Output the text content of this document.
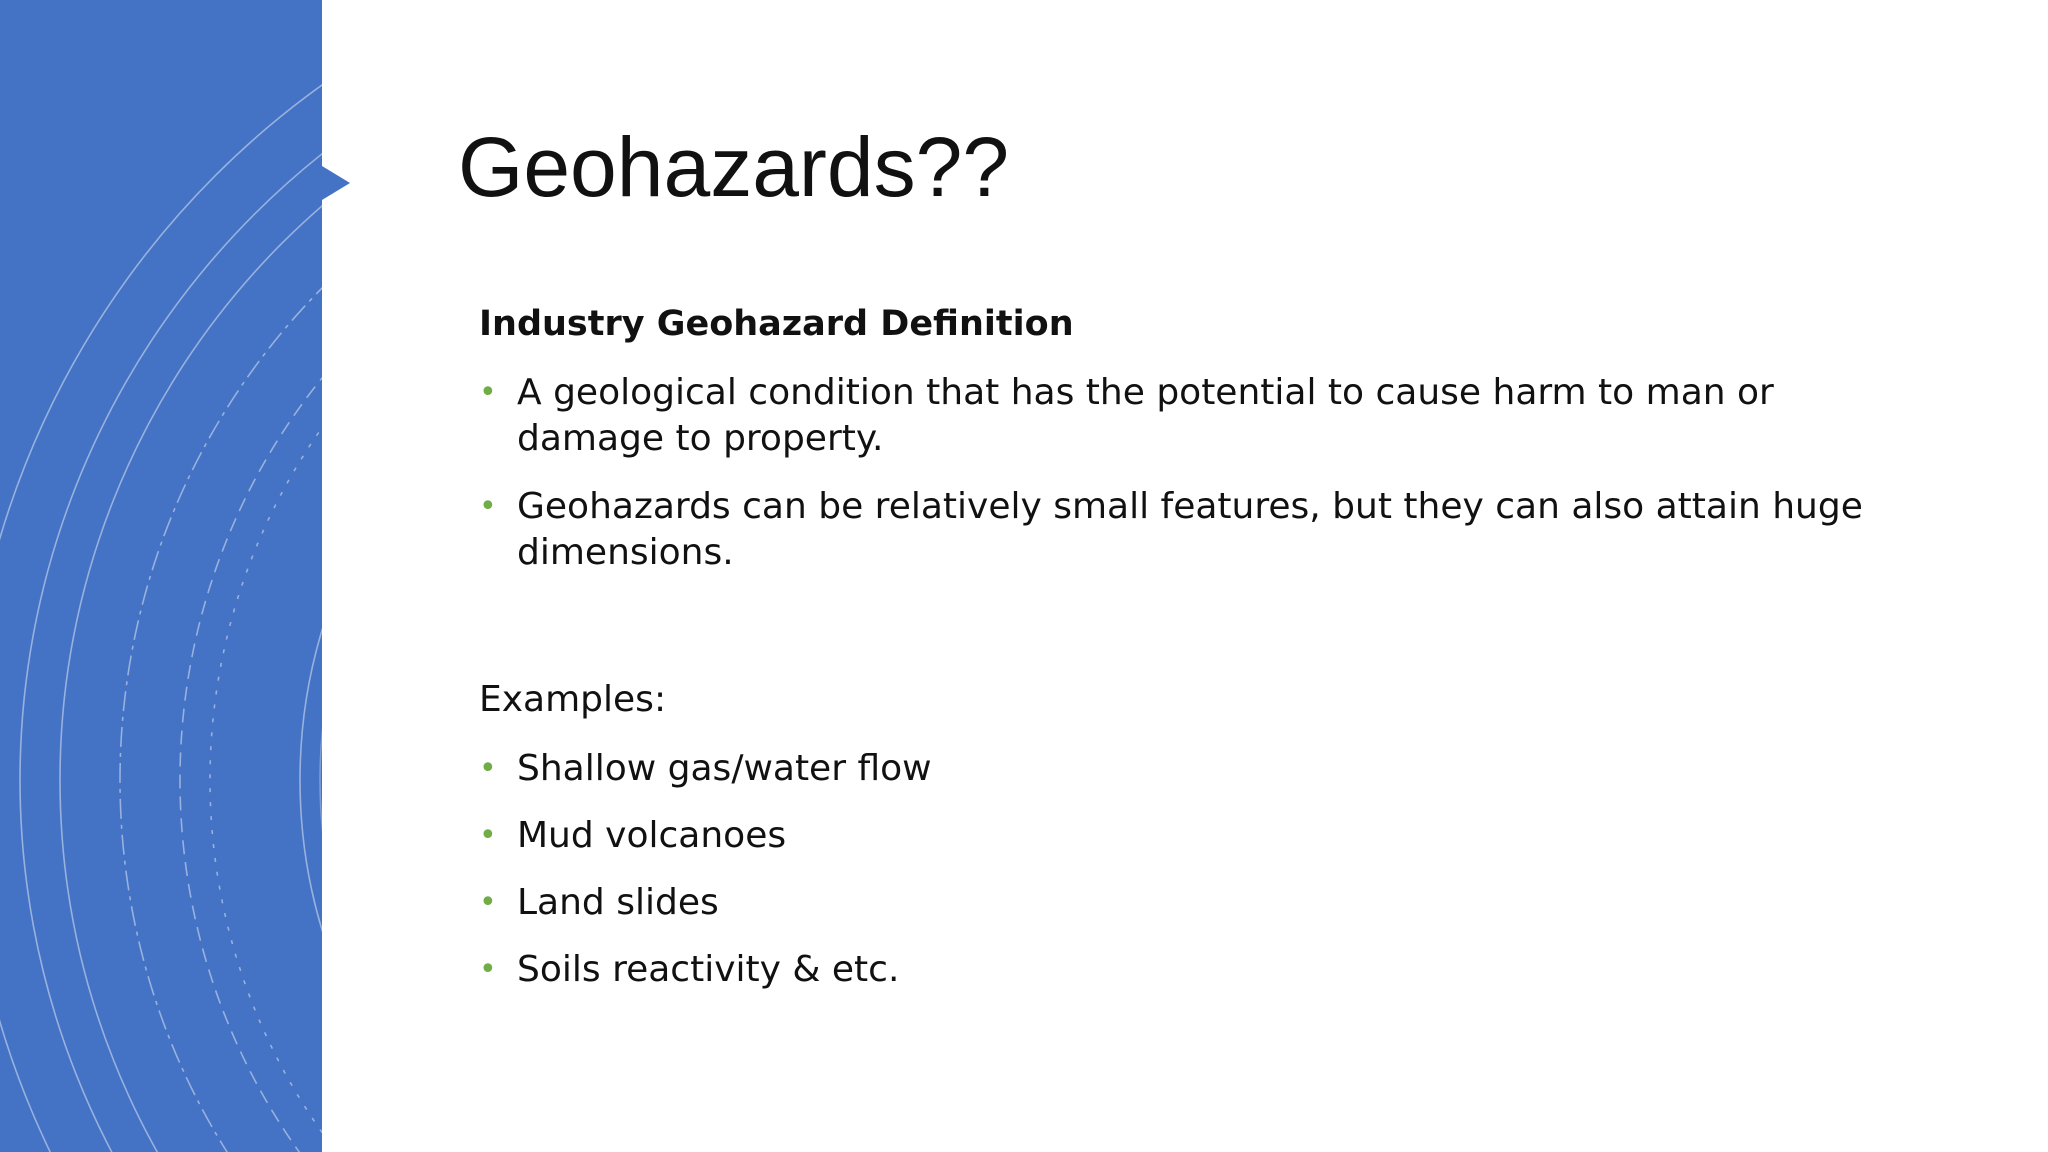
Geohazards??

Industry Geohazard Definition

• A geological condition that has the potential to cause harm to man or damage to property.
• Geohazards can be relatively small features, but they can also attain huge dimensions.

Examples:

• Shallow gas/water flow
• Mud volcanoes
• Land slides
• Soils reactivity & etc.
